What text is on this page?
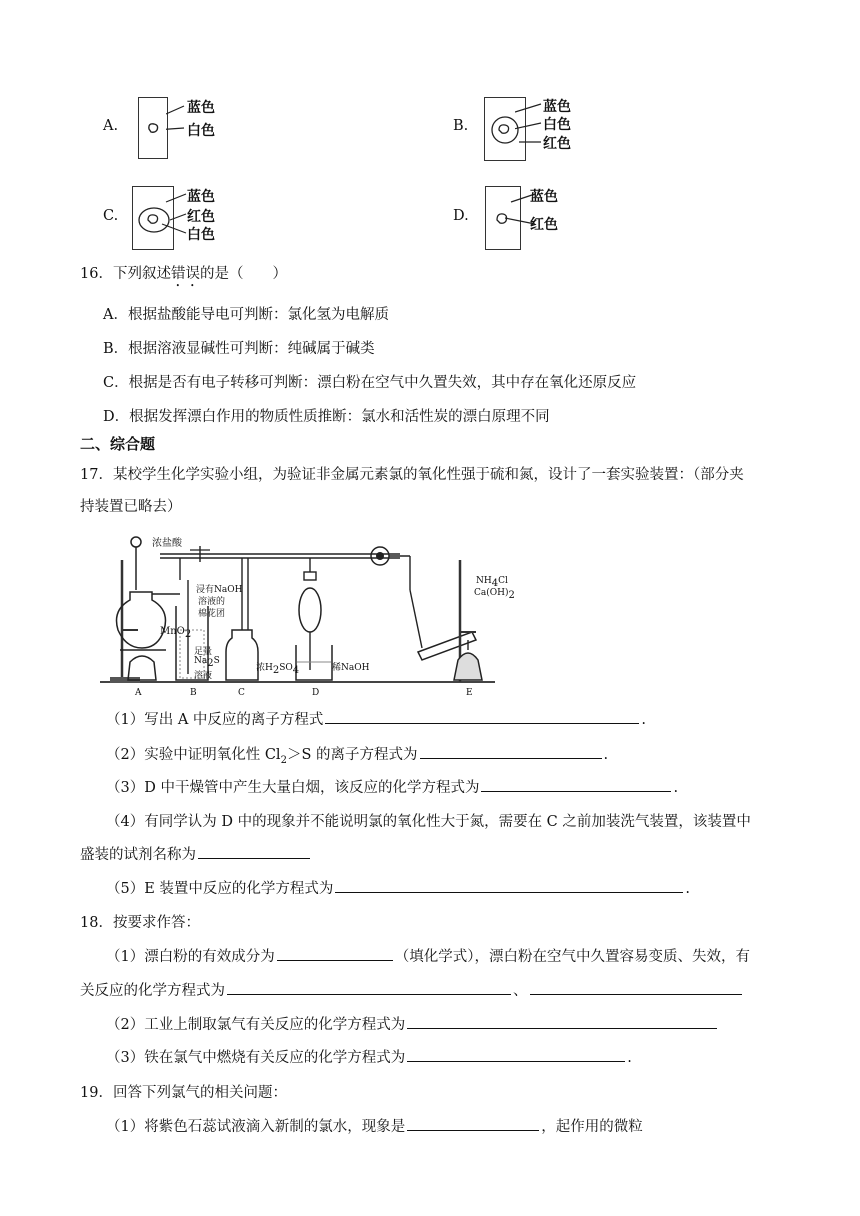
A.
蓝色
白色	B.
蓝色
白色
红色
C.
蓝色
红色
白色
D.
蓝色
红色
16．下列叙述错误的是（　　）
A．根据盐酸能导电可判断：氯化氢为电解质
B．根据溶液显碱性可判断：纯碱属于碱类
C．根据是否有电子转移可判断：漂白粉在空气中久置失效，其中存在氧化还原反应
D．根据发挥漂白作用的物质性质推断：氯水和活性炭的漂白原理不同
二、综合题
17．某校学生化学实验小组，为验证非金属元素氯的氧化性强于硫和氮，设计了一套实验装置：（部分夹
持装置已略去）
浓盐酸
MnO$_2$
浸有NaOH
溶液的
棉花团
足量
$Na_2S$
溶液
浓$H_2SO_4$	稀NaOH
$NH_4Cl$
$Ca(OH)_2$
A	B	C	D	E
（1）写出 A 中反应的离子方程式	.
（2）实验中证明氧化性 $Cl_2>S$ 的离子方程式为	.
（3）D 中干燥管中产生大量白烟，该反应的化学方程式为	.
（4）有同学认为 D 中的现象并不能说明氯的氧化性大于氮，需要在 C 之前加装洗气装置，该装置中
盛装的试剂名称为
（5）E 装置中反应的化学方程式为	.
18．按要求作答：
（1）漂白粉的有效成分为	（填化学式），漂白粉在空气中久置容易变质、失效，有
关反应的化学方程式为	、
（2）工业上制取氯气有关反应的化学方程式为
（3）铁在氯气中燃烧有关反应的化学方程式为	.
19．回答下列氯气的相关问题：
（1）将紫色石蕊试液滴入新制的氯水，现象是	，起作用的微粒
